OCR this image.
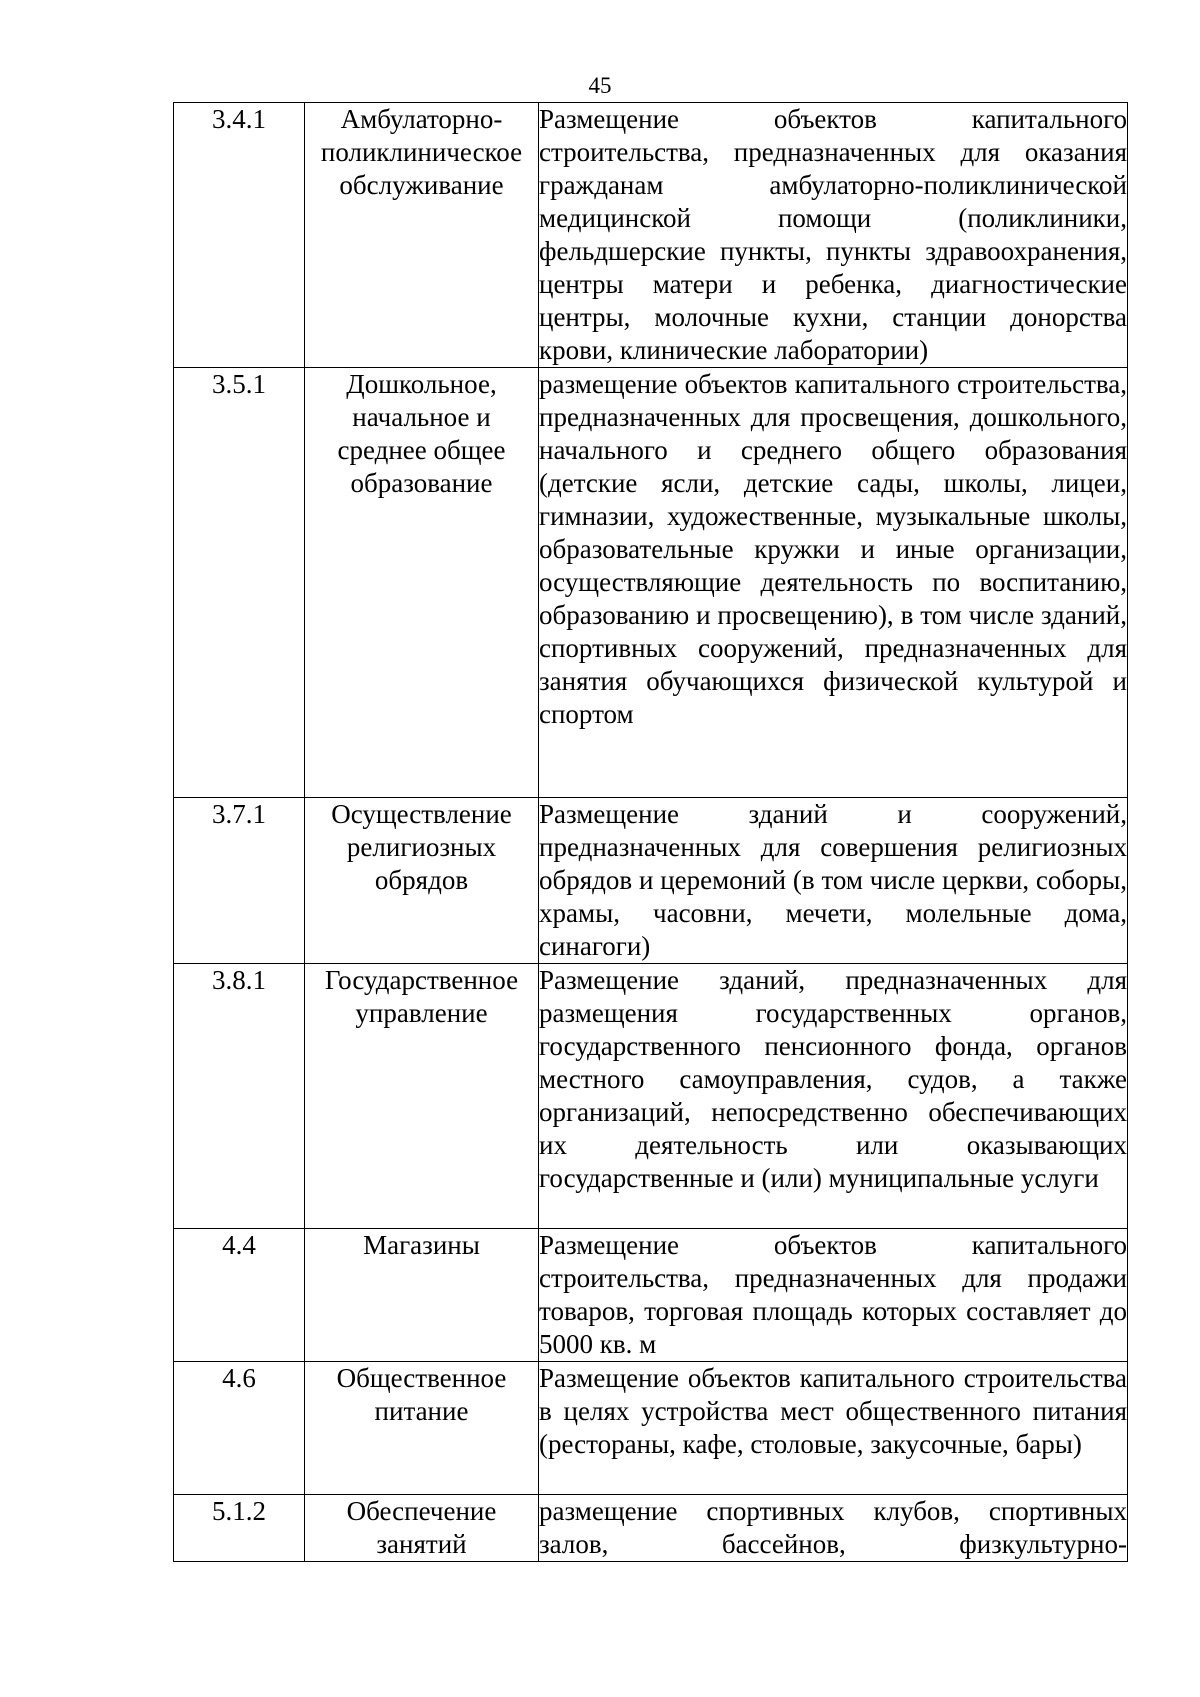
45
3.4.1	Амбулаторно-поликлиническое обслуживание	Размещение объектов капитального строительства, предназначенных для оказания гражданам амбулаторно-поликлинической медицинской помощи (поликлиники, фельдшерские пункты, пункты здравоохранения, центры матери и ребенка, диагностические центры, молочные кухни, станции донорства крови, клинические лаборатории)

3.5.1	Дошкольное, начальное и среднее общее образование	размещение объектов капитального строительства, предназначенных для просвещения, дошкольного, начального и среднего общего образования (детские ясли, детские сады, школы, лицеи, гимназии, художественные, музыкальные школы, образовательные кружки и иные организации, осуществляющие деятельность по воспитанию, образованию и просвещению), в том числе зданий, спортивных сооружений, предназначенных для занятия обучающихся физической культурой и спортом

3.7.1	Осуществление религиозных обрядов	Размещение зданий и сооружений, предназначенных для совершения религиозных обрядов и церемоний (в том числе церкви, соборы, храмы, часовни, мечети, молельные дома, синагоги)

3.8.1	Государственное управление	Размещение зданий, предназначенных для размещения государственных органов, государственного пенсионного фонда, органов местного самоуправления, судов, а также организаций, непосредственно обеспечивающих их деятельность или оказывающих государственные и (или) муниципальные услуги

4.4	Магазины	Размещение объектов капитального строительства, предназначенных для продажи товаров, торговая площадь которых составляет до 5000 кв. м

4.6	Общественное питание	Размещение объектов капитального строительства в целях устройства мест общественного питания (рестораны, кафе, столовые, закусочные, бары)

5.1.2	Обеспечение занятий	размещение спортивных клубов, спортивных залов, бассейнов, физкультурно-
